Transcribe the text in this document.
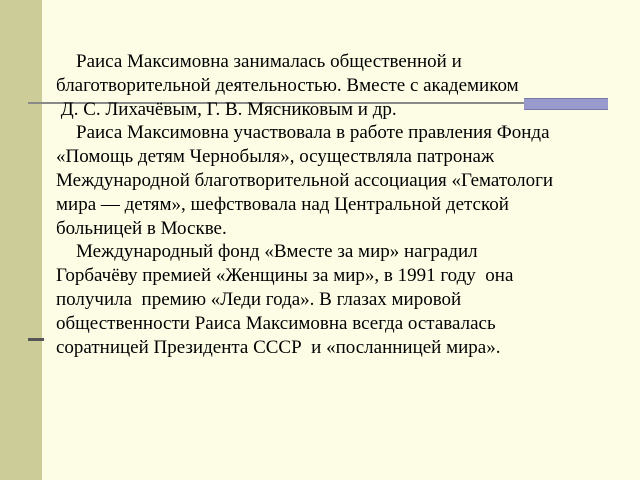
Раиса Максимовна занималась общественной и
благотворительной деятельностью. Вместе с академиком
Д. С. Лихачёвым, Г. В. Мясниковым и др.

Раиса Максимовна участвовала в работе правления Фонда
«Помощь детям Чернобыля», осуществляла патронаж
Международной благотворительной ассоциация «Гематологи
мира — детям», шефствовала над Центральной детской
больницей в Москве.

Международный фонд «Вместе за мир» наградил
Горбачёву премией «Женщины за мир», в 1991 году  она
получила  премию «Леди года». В глазах мировой
общественности Раиса Максимовна всегда оставалась
соратницей Президента СССР  и «посланницей мира».
